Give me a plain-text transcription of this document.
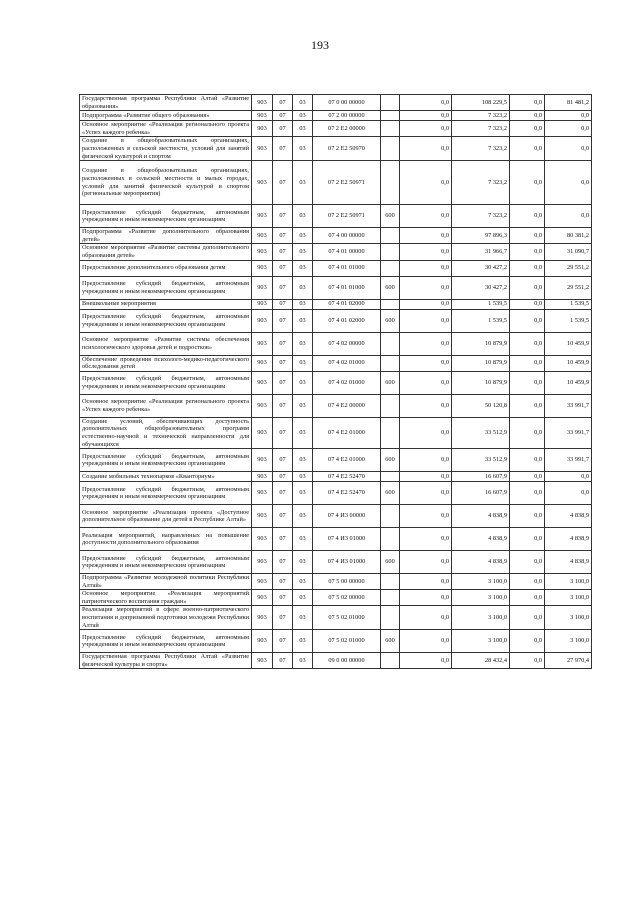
193
Государственная программа Республики Алтай «Развитие образования»	903	07	03	07 0 00 00000		0,0	108 229,5	0,0	81 481,2
Подпрограмма «Развитие общего образования»	903	07	03	07 2 00 00000		0,0	7 323,2	0,0	0,0
Основное мероприятие «Реализация регионального проекта «Успех каждого ребенка»	903	07	03	07 2 E2 00000		0,0	7 323,2	0,0	0,0
Создание в общеобразовательных организациях, расположенных в сельской местности, условий для занятий физической культурой и спортом	903	07	03	07 2 E2 50970		0,0	7 323,2	0,0	0,0
Создание в общеобразовательных организациях, расположенных в сельской местности и малых городах, условий для занятий физической культурой и спортом (региональные мероприятия)	903	07	03	07 2 E2 50971		0,0	7 323,2	0,0	0,0
Предоставление субсидий бюджетным, автономным учреждениям и иным некоммерческим организациям	903	07	03	07 2 E2 50971	600	0,0	7 323,2	0,0	0,0
Подпрограмма «Развитие дополнительного образования детей»	903	07	03	07 4 00 00000		0,0	97 896,3	0,0	80 381,2
Основное мероприятие «Развитие системы дополнительного образования детей»	903	07	03	07 4 01 00000		0,0	31 966,7	0,0	31 090,7
Предоставление дополнительного образования детям	903	07	03	07 4 01 01000		0,0	30 427,2	0,0	29 551,2
Предоставление субсидий бюджетным, автономным учреждениям и иным некоммерческим организациям	903	07	03	07 4 01 01000	600	0,0	30 427,2	0,0	29 551,2
Внешкольные мероприятия	903	07	03	07 4 01 02000		0,0	1 539,5	0,0	1 539,5
Предоставление субсидий бюджетным, автономным учреждениям и иным некоммерческим организациям	903	07	03	07 4 01 02000	600	0,0	1 539,5	0,0	1 539,5
Основное мероприятие «Развитие системы обеспечения психологического здоровья детей и подростков»	903	07	03	07 4 02 00000		0,0	10 879,9	0,0	10 459,9
Обеспечение проведения психолого-медико-педагогического обследования детей	903	07	03	07 4 02 01000		0,0	10 879,9	0,0	10 459,9
Предоставление субсидий бюджетным, автономным учреждениям и иным некоммерческим организациям	903	07	03	07 4 02 01000	600	0,0	10 879,9	0,0	10 459,9
Основное мероприятие «Реализация регионального проекта «Успех каждого ребенка»	903	07	03	07 4 E2 00000		0,0	50 120,8	0,0	33 991,7
Создание условий, обеспечивающих доступность дополнительных общеобразовательных программ естественно-научной и технической направленности для обучающихся	903	07	03	07 4 E2 01000		0,0	33 512,9	0,0	33 991,7
Предоставление субсидий бюджетным, автономным учреждениям и иным некоммерческим организациям	903	07	03	07 4 E2 01000	600	0,0	33 512,9	0,0	33 991,7
Создание мобильных технопарков «Кванториум»	903	07	03	07 4 E2 52470		0,0	16 607,9	0,0	0,0
Предоставление субсидий бюджетным, автономным учреждениям и иным некоммерческим организациям	903	07	03	07 4 E2 52470	600	0,0	16 607,9	0,0	0,0
Основное мероприятие «Реализация проекта «Доступное дополнительное образование для детей в Республике Алтай»	903	07	03	07 4 И3 00000		0,0	4 838,9	0,0	4 838,9
Реализация мероприятий, направленных на повышение доступности дополнительного образования	903	07	03	07 4 И3 01000		0,0	4 838,9	0,0	4 838,9
Предоставление субсидий бюджетным, автономным учреждениям и иным некоммерческим организациям	903	07	03	07 4 И3 01000	600	0,0	4 838,9	0,0	4 838,9
Подпрограмма «Развитие молодежной политики Республики Алтай»	903	07	03	07 5 00 00000		0,0	3 100,0	0,0	3 100,0
Основное мероприятие «Реализация мероприятий патриотического воспитания граждан»	903	07	03	07 5 02 00000		0,0	3 100,0	0,0	3 100,0
Реализация мероприятий в сфере военно-патриотического воспитания и допризывной подготовки молодежи Республики Алтай	903	07	03	07 5 02 01000		0,0	3 100,0	0,0	3 100,0
Предоставление субсидий бюджетным, автономным учреждениям и иным некоммерческим организациям	903	07	03	07 5 02 01000	600	0,0	3 100,0	0,0	3 100,0
Государственная программа Республики Алтай «Развитие физической культуры и спорта»	903	07	03	09 0 00 00000		0,0	28 432,4	0,0	27 970,4
